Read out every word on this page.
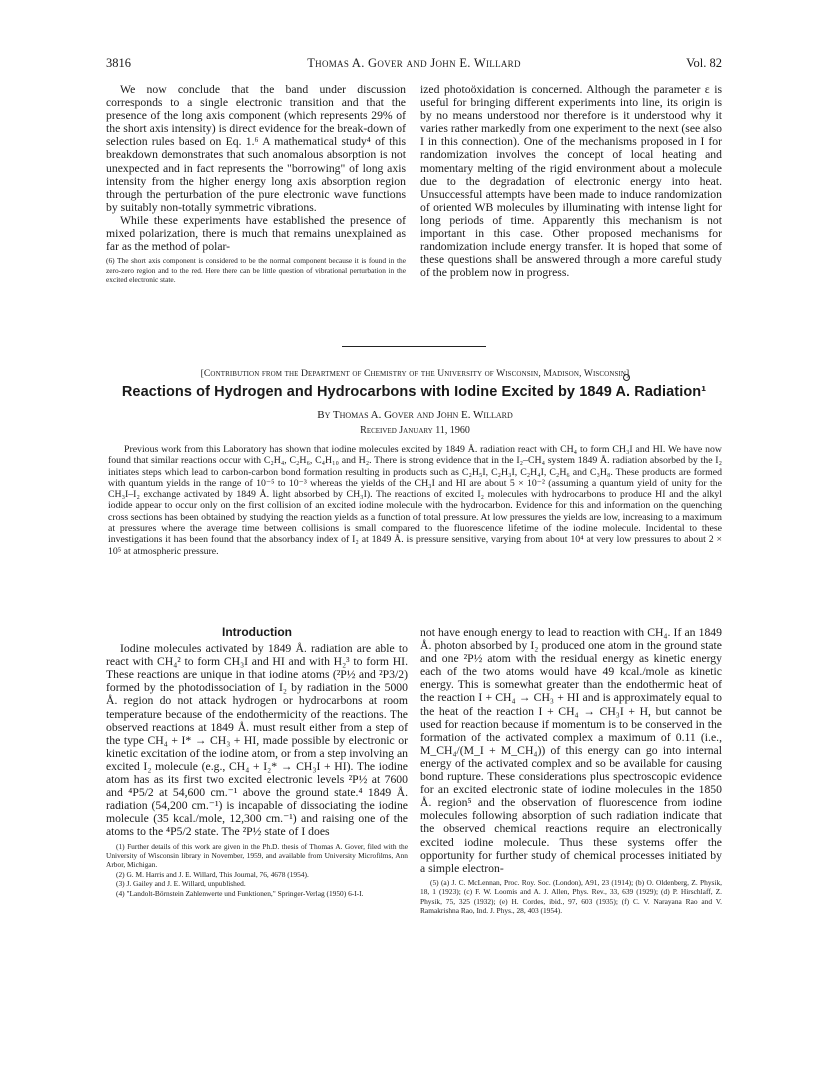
3816	Thomas A. Gover and John E. Willard	Vol. 82

We now conclude that the band under discussion corresponds to a single electronic transition and that the presence of the long axis component (which represents 29% of the short axis intensity) is direct evidence for the break-down of selection rules based on Eq. 1.⁶ A mathematical study⁴ of this breakdown demonstrates that such anomalous absorption is not unexpected and in fact represents the "borrowing" of long axis intensity from the higher energy long axis absorption region through the perturbation of the pure electronic wave functions by suitably non-totally symmetric vibrations.

While these experiments have established the presence of mixed polarization, there is much that remains unexplained as far as the method of polar-

(6) The short axis component is considered to be the normal component because it is found in the zero-zero region and to the red. Here there can be little question of vibrational perturbation in the excited electronic state.

ized photoöxidation is concerned. Although the parameter ε is useful for bringing different experiments into line, its origin is by no means understood nor therefore is it understood why it varies rather markedly from one experiment to the next (see also I in this connection). One of the mechanisms proposed in I for randomization involves the concept of local heating and momentary melting of the rigid environment about a molecule due to the degradation of electronic energy into heat. Unsuccessful attempts have been made to induce randomization of oriented WB molecules by illuminating with intense light for long periods of time. Apparently this mechanism is not important in this case. Other proposed mechanisms for randomization include energy transfer. It is hoped that some of these questions shall be answered through a more careful study of the problem now in progress.

[Contribution from the Department of Chemistry of the University of Wisconsin, Madison, Wisconsin]
Reactions of Hydrogen and Hydrocarbons with Iodine Excited by 1849 A. Radiation¹
By Thomas A. Gover and John E. Willard
Received January 11, 1960

Previous work from this Laboratory has shown that iodine molecules excited by 1849 Å. radiation react with CH₄ to form CH₃I and HI. We have now found that similar reactions occur with C₂H₄, C₂H₆, C₄H₁₀ and H₂. There is strong evidence that in the I₂–CH₄ system 1849 Å. radiation absorbed by the I₂ initiates steps which lead to carbon-carbon bond formation resulting in products such as C₂H₅I, C₂H₃I, C₂H₄I, C₂H₆ and C₃H₈. These products are formed with quantum yields in the range of 10⁻⁵ to 10⁻³ whereas the yields of the CH₃I and HI are about 5 × 10⁻² (assuming a quantum yield of unity for the CH₃I–I₂ exchange activated by 1849 Å. light absorbed by CH₃I). The reactions of excited I₂ molecules with hydrocarbons to produce HI and the alkyl iodide appear to occur only on the first collision of an excited iodine molecule with the hydrocarbon. Evidence for this and information on the quenching cross sections has been obtained by studying the reaction yields as a function of total pressure. At low pressures the yields are low, increasing to a maximum at pressures where the average time between collisions is small compared to the fluorescence lifetime of the iodine molecule. Incidental to these investigations it has been found that the absorbancy index of I₂ at 1849 Å. is pressure sensitive, varying from about 10⁴ at very low pressures to about 2 × 10⁵ at atmospheric pressure.

Introduction

Iodine molecules activated by 1849 Å. radiation are able to react with CH₄² to form CH₃I and HI and with H₂³ to form HI. These reactions are unique in that iodine atoms (²P½ and ²P3/2) formed by the photodissociation of I₂ by radiation in the 5000 Å. region do not attack hydrogen or hydrocarbons at room temperature because of the endothermicity of the reactions. The observed reactions at 1849 Å. must result either from a step of the type CH₄ + I* → CH₃ + HI, made possible by electronic or kinetic excitation of the iodine atom, or from a step involving an excited I₂ molecule (e.g., CH₄ + I₂* → CH₃I + HI). The iodine atom has as its first two excited electronic levels ²P½ at 7600 and ⁴P5/2 at 54,600 cm.⁻¹ above the ground state.⁴ 1849 Å. radiation (54,200 cm.⁻¹) is incapable of dissociating the iodine molecule (35 kcal./mole, 12,300 cm.⁻¹) and raising one of the atoms to the ⁴P5/2 state. The ²P½ state of I does

(1) Further details of this work are given in the Ph.D. thesis of Thomas A. Gover, filed with the University of Wisconsin library in November, 1959, and available from University Microfilms, Ann Arbor, Michigan.

(2) G. M. Harris and J. E. Willard, This Journal, 76, 4678 (1954).

(3) J. Gailey and J. E. Willard, unpublished.

(4) "Landolt-Börnstein Zahlenwerte und Funktionen," Springer-Verlag (1950) 6-I-I.

not have enough energy to lead to reaction with CH₄. If an 1849 Å. photon absorbed by I₂ produced one atom in the ground state and one ²P½ atom with the residual energy as kinetic energy each of the two atoms would have 49 kcal./mole as kinetic energy. This is somewhat greater than the endothermic heat of the reaction I + CH₄ → CH₃ + HI and is approximately equal to the heat of the reaction I + CH₄ → CH₃I + H, but cannot be used for reaction because if momentum is to be conserved in the formation of the activated complex a maximum of 0.11 (i.e., M_CH₄/(M_I + M_CH₄)) of this energy can go into internal energy of the activated complex and so be available for causing bond rupture. These considerations plus spectroscopic evidence for an excited electronic state of iodine molecules in the 1850 Å. region⁵ and the observation of fluorescence from iodine molecules following absorption of such radiation indicate that the observed chemical reactions require an electronically excited iodine molecule. Thus these systems offer the opportunity for further study of chemical processes initiated by a simple electron-

(5) (a) J. C. McLennan, Proc. Roy. Soc. (London), A91, 23 (1914); (b) O. Oldenberg, Z. Physik, 18, 1 (1923); (c) F. W. Loomis and A. J. Allen, Phys. Rev., 33, 639 (1929); (d) P. Hirschlaff, Z. Physik, 75, 325 (1932); (e) H. Cordes, ibid., 97, 603 (1935); (f) C. V. Narayana Rao and V. Ramakrishna Rao, Ind. J. Phys., 28, 403 (1954).
